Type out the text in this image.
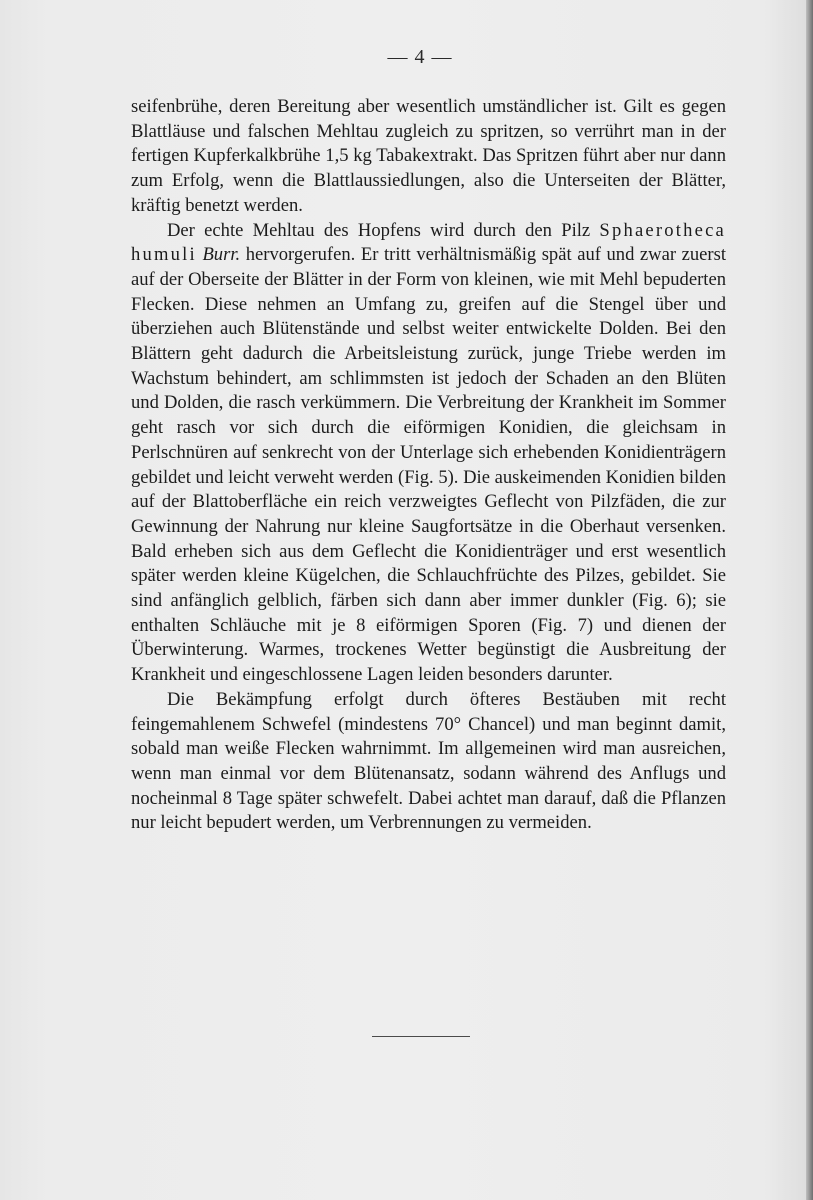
— 4 —

seifenbrühe, deren Bereitung aber wesentlich umständlicher ist. Gilt es gegen Blattläuse und falschen Mehltau zugleich zu spritzen, so verrührt man in der fertigen Kupferkalkbrühe 1,5 kg Tabakextrakt. Das Spritzen führt aber nur dann zum Erfolg, wenn die Blattlaussiedlungen, also die Unterseiten der Blätter, kräftig benetzt werden.

Der echte Mehltau des Hopfens wird durch den Pilz Sphaerotheca humuli Burr. hervorgerufen. Er tritt verhältnismäßig spät auf und zwar zuerst auf der Oberseite der Blätter in der Form von kleinen, wie mit Mehl bepuderten Flecken. Diese nehmen an Umfang zu, greifen auf die Stengel über und überziehen auch Blütenstände und selbst weiter entwickelte Dolden. Bei den Blättern geht dadurch die Arbeitsleistung zurück, junge Triebe werden im Wachstum behindert, am schlimmsten ist jedoch der Schaden an den Blüten und Dolden, die rasch verkümmern. Die Verbreitung der Krankheit im Sommer geht rasch vor sich durch die eiförmigen Konidien, die gleichsam in Perlschnüren auf senkrecht von der Unterlage sich erhebenden Konidienträgern gebildet und leicht verweht werden (Fig. 5). Die auskeimenden Konidien bilden auf der Blattoberfläche ein reich verzweigtes Geflecht von Pilzfäden, die zur Gewinnung der Nahrung nur kleine Saugfortsätze in die Oberhaut versenken. Bald erheben sich aus dem Geflecht die Konidienträger und erst wesentlich später werden kleine Kügelchen, die Schlauchfrüchte des Pilzes, gebildet. Sie sind anfänglich gelblich, färben sich dann aber immer dunkler (Fig. 6); sie enthalten Schläuche mit je 8 eiförmigen Sporen (Fig. 7) und dienen der Überwinterung. Warmes, trockenes Wetter begünstigt die Ausbreitung der Krankheit und eingeschlossene Lagen leiden besonders darunter.

Die Bekämpfung erfolgt durch öfteres Bestäuben mit recht feingemahlenem Schwefel (mindestens 70° Chancel) und man beginnt damit, sobald man weiße Flecken wahrnimmt. Im allgemeinen wird man ausreichen, wenn man einmal vor dem Blütenansatz, sodann während des Anflugs und nocheinmal 8 Tage später schwefelt. Dabei achtet man darauf, daß die Pflanzen nur leicht bepudert werden, um Verbrennungen zu vermeiden.
